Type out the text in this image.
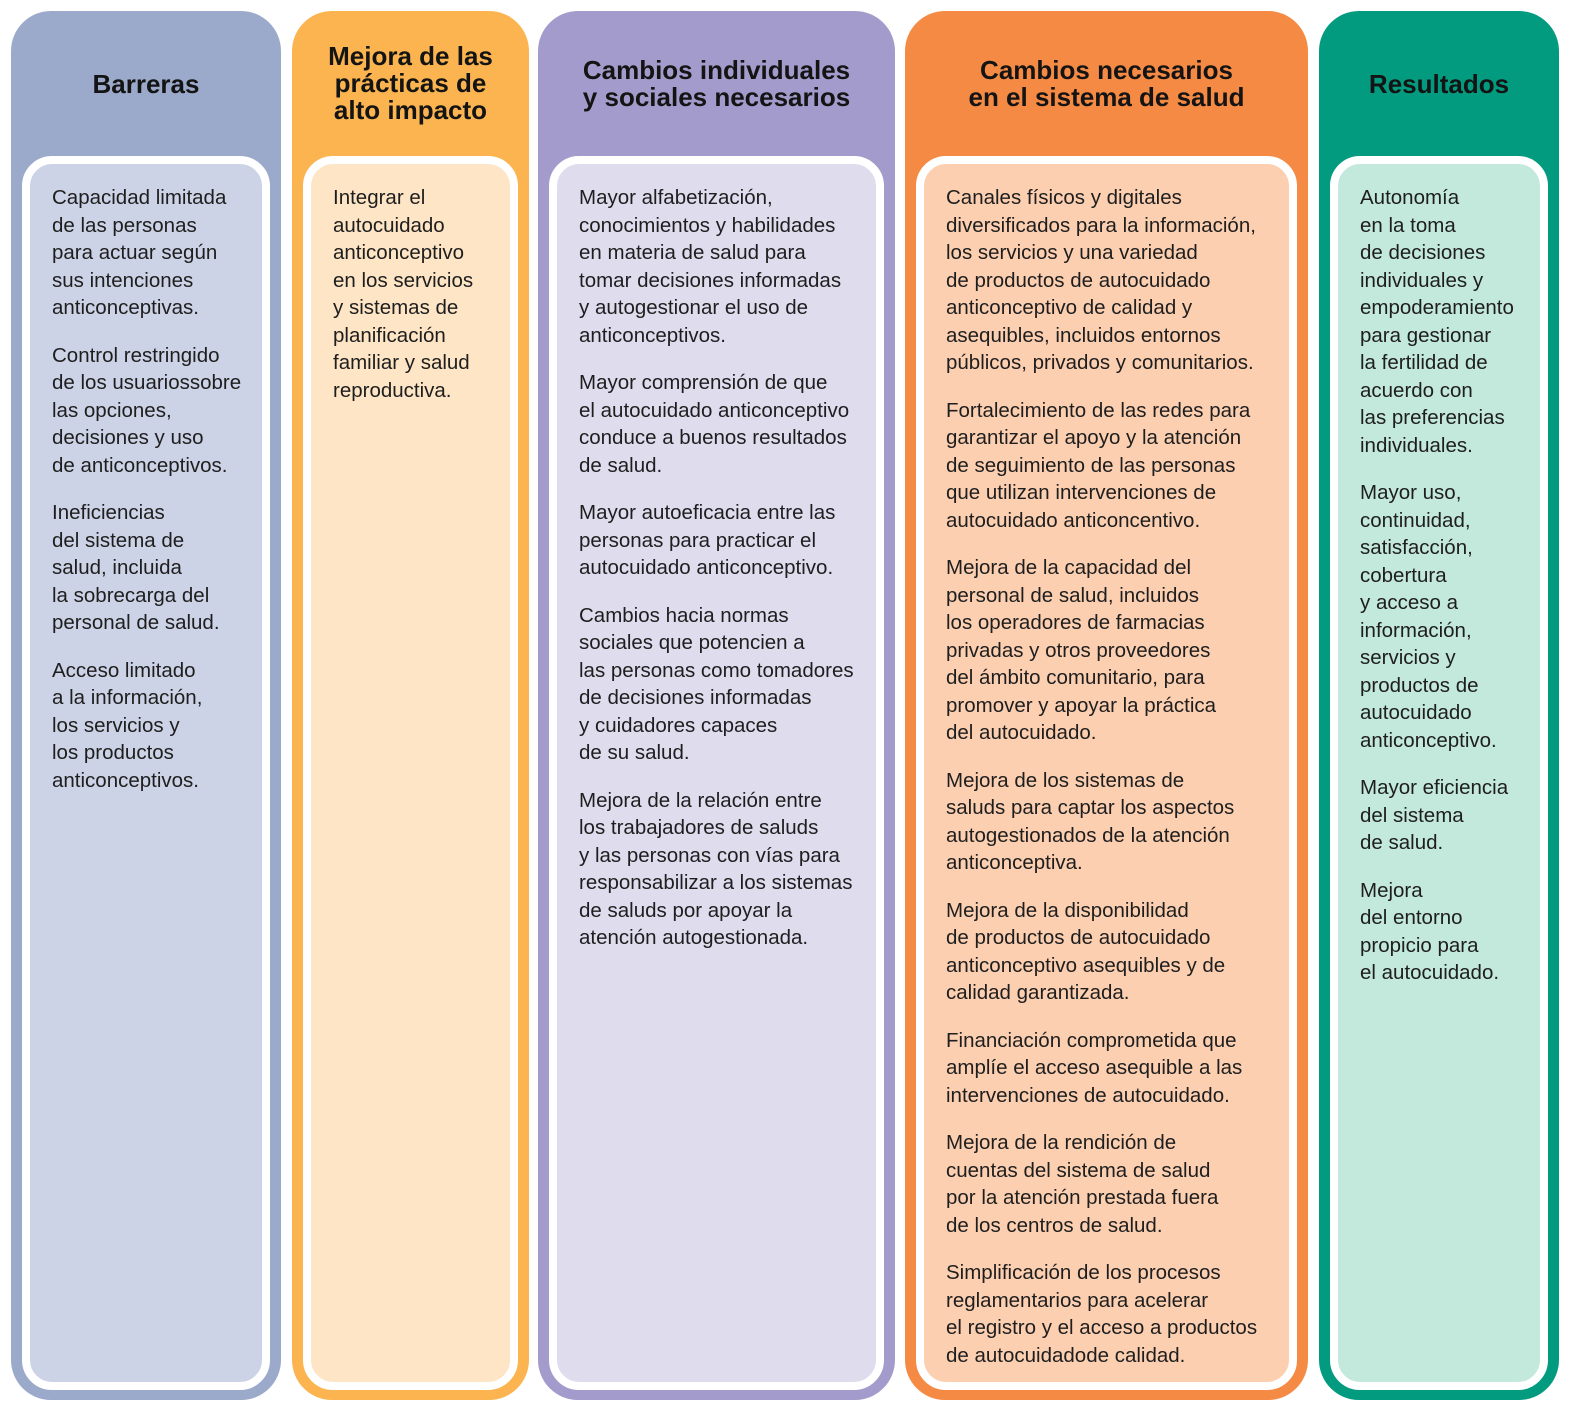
Barreras
Capacidad limitada
de las personas
para actuar según
sus intenciones
anticonceptivas.
Control restringido
de los usuariossobre
las opciones,
decisiones y uso
de anticonceptivos.
Ineficiencias
del sistema de
salud, incluida
la sobrecarga del
personal de salud.
Acceso limitado
a la información,
los servicios y
los productos
anticonceptivos.
Mejora de las
prácticas de
alto impacto
Integrar el
autocuidado
anticonceptivo
en los servicios
y sistemas de
planificación
familiar y salud
reproductiva.
Cambios individuales
y sociales necesarios
Mayor alfabetización,
conocimientos y habilidades
en materia de salud para
tomar decisiones informadas
y autogestionar el uso de
anticonceptivos.
Mayor comprensión de que
el autocuidado anticonceptivo
conduce a buenos resultados
de salud.
Mayor autoeficacia entre las
personas para practicar el
autocuidado anticonceptivo.
Cambios hacia normas
sociales que potencien a
las personas como tomadores
de decisiones informadas
y cuidadores capaces
de su salud.
Mejora de la relación entre
los trabajadores de saluds
y las personas con vías para
responsabilizar a los sistemas
de saluds por apoyar la
atención autogestionada.
Cambios necesarios
en el sistema de salud
Canales físicos y digitales
diversificados para la información,
los servicios y una variedad
de productos de autocuidado
anticonceptivo de calidad y
asequibles, incluidos entornos
públicos, privados y comunitarios.
Fortalecimiento de las redes para
garantizar el apoyo y la atención
de seguimiento de las personas
que utilizan intervenciones de
autocuidado anticoncentivo.
Mejora de la capacidad del
personal de salud, incluidos
los operadores de farmacias
privadas y otros proveedores
del ámbito comunitario, para
promover y apoyar la práctica
del autocuidado.
Mejora de los sistemas de
saluds para captar los aspectos
autogestionados de la atención
anticonceptiva.
Mejora de la disponibilidad
de productos de autocuidado
anticonceptivo asequibles y de
calidad garantizada.
Financiación comprometida que
amplíe el acceso asequible a las
intervenciones de autocuidado.
Mejora de la rendición de
cuentas del sistema de salud
por la atención prestada fuera
de los centros de salud.
Simplificación de los procesos
reglamentarios para acelerar
el registro y el acceso a productos
de autocuidadode calidad.
Resultados
Autonomía
en la toma
de decisiones
individuales y
empoderamiento
para gestionar
la fertilidad de
acuerdo con
las preferencias
individuales.
Mayor uso,
continuidad,
satisfacción,
cobertura
y acceso a
información,
servicios y
productos de
autocuidado
anticonceptivo.
Mayor eficiencia
del sistema
de salud.
Mejora
del entorno
propicio para
el autocuidado.
